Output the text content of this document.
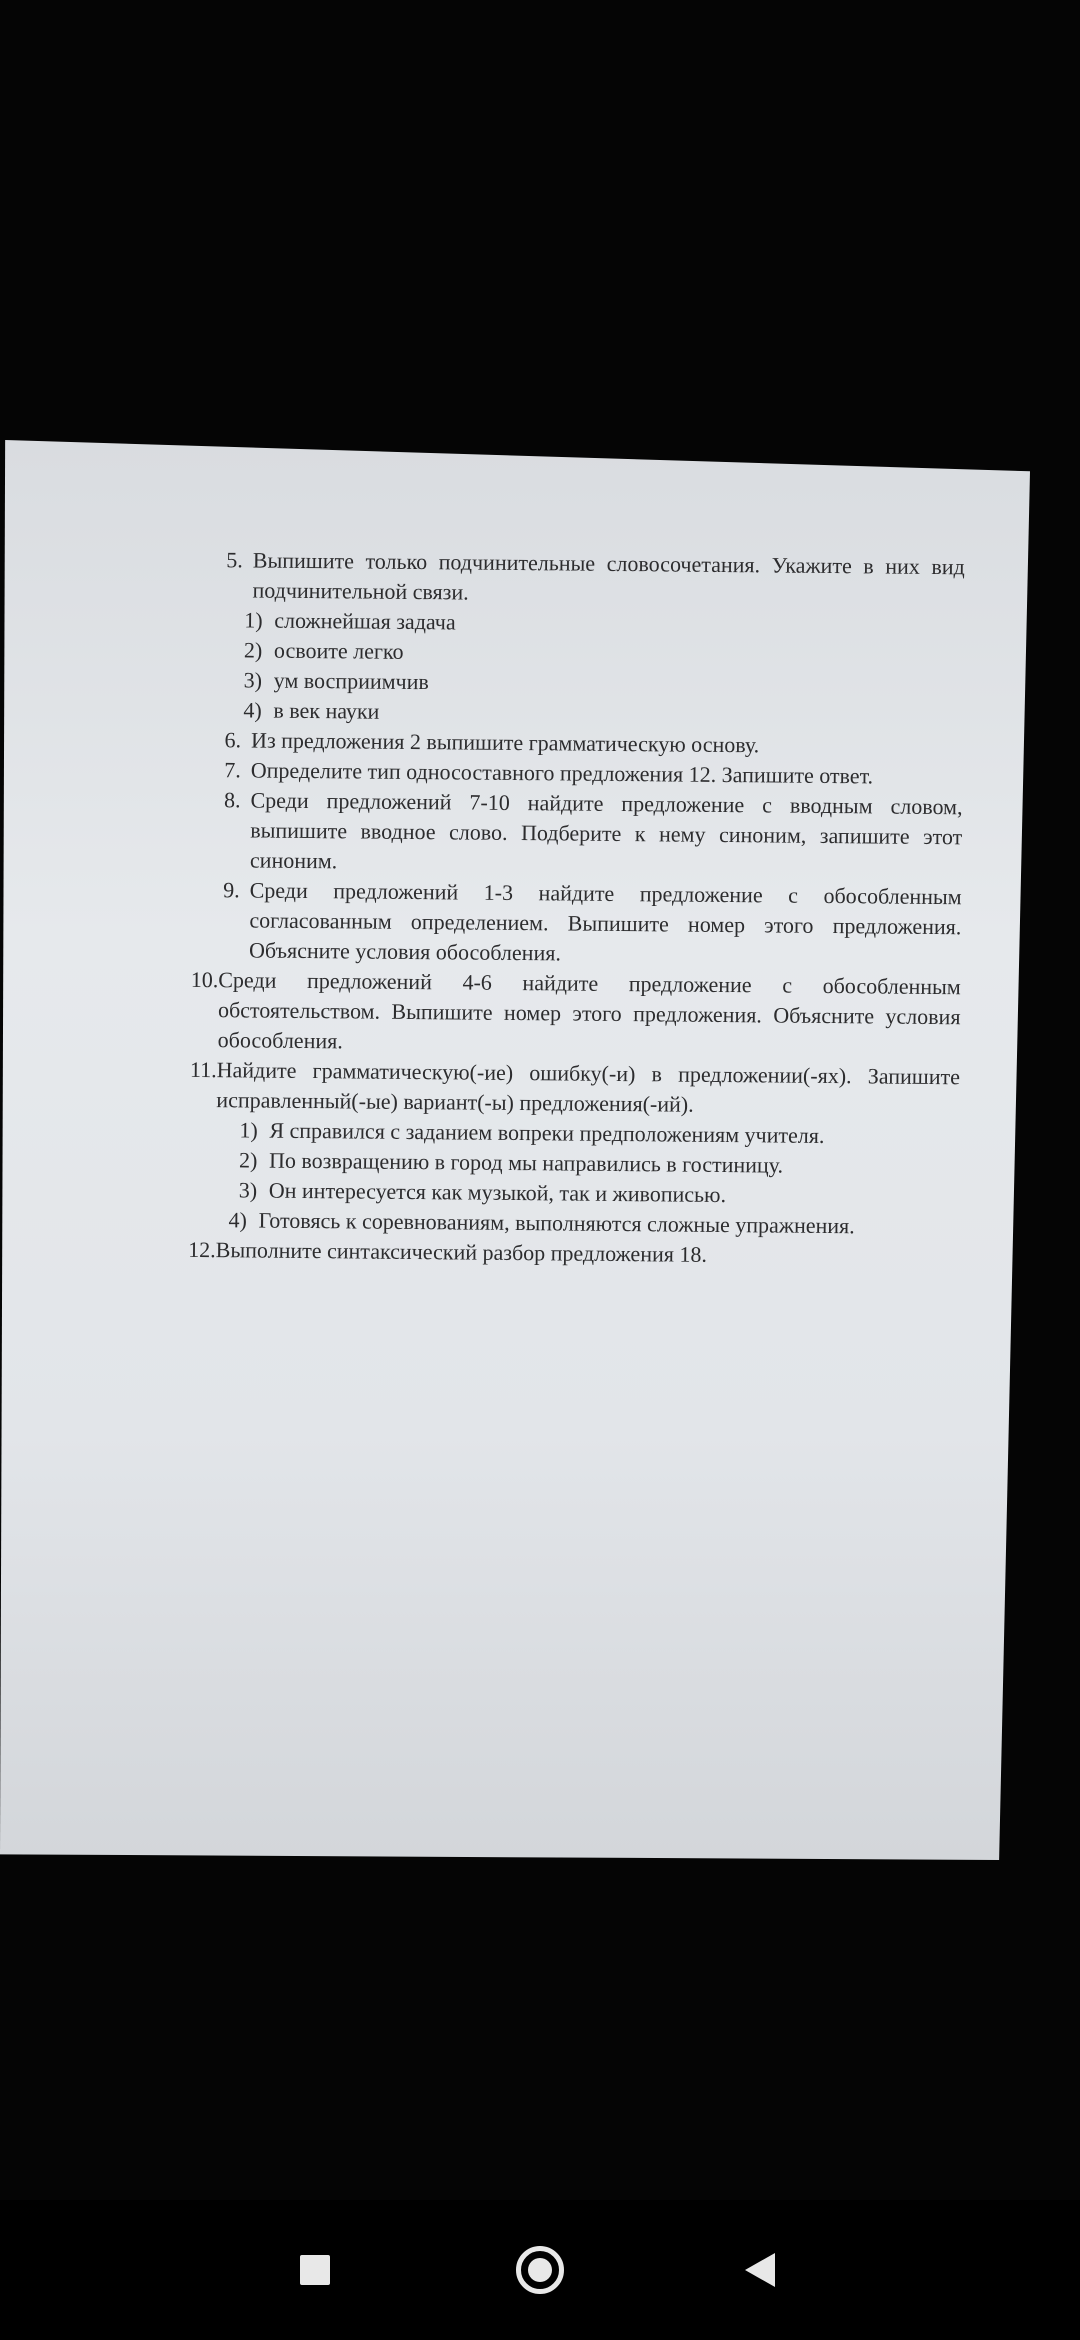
5. Выпишите только подчинительные словосочетания. Укажите в них вид подчинительной связи.
1) сложнейшая задача
2) освоите легко
3) ум восприимчив
4) в век науки
6. Из предложения 2 выпишите грамматическую основу.
7. Определите тип односоставного предложения 12. Запишите ответ.
8. Среди предложений 7-10 найдите предложение с вводным словом, выпишите вводное слово. Подберите к нему синоним, запишите этот синоним.
9. Среди предложений 1-3 найдите предложение с обособленным согласованным определением. Выпишите номер этого предложения. Объясните условия обособления.
10. Среди предложений 4-6 найдите предложение с обособленным обстоятельством. Выпишите номер этого предложения. Объясните условия обособления.
11. Найдите грамматическую(-ие) ошибку(-и) в предложении(-ях). Запишите исправленный(-ые) вариант(-ы) предложения(-ий).
1) Я справился с заданием вопреки предположениям учителя.
2) По возвращению в город мы направились в гостиницу.
3) Он интересуется как музыкой, так и живописью.
4) Готовясь к соревнованиям, выполняются сложные упражнения.
12. Выполните синтаксический разбор предложения 18.
